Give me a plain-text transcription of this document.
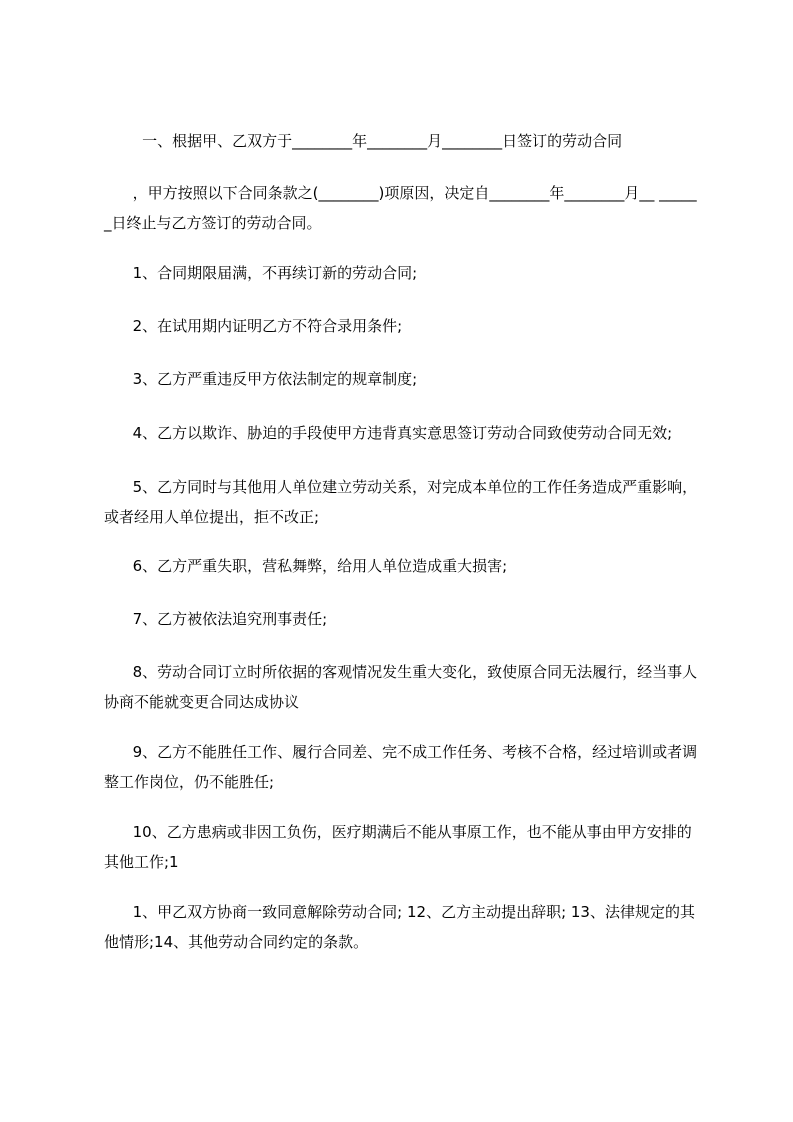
一、根据甲、乙双方于________年________月________日签订的劳动合同

，甲方按照以下合同条款之(________)项原因，决定自________年________月__ ______日终止与乙方签订的劳动合同。

1、合同期限届满，不再续订新的劳动合同;

2、在试用期内证明乙方不符合录用条件;

3、乙方严重违反甲方依法制定的规章制度;

4、乙方以欺诈、胁迫的手段使甲方违背真实意思签订劳动合同致使劳动合同无效;

5、乙方同时与其他用人单位建立劳动关系，对完成本单位的工作任务造成严重影响，或者经用人单位提出，拒不改正;

6、乙方严重失职，营私舞弊，给用人单位造成重大损害;

7、乙方被依法追究刑事责任;

8、劳动合同订立时所依据的客观情况发生重大变化，致使原合同无法履行，经当事人协商不能就变更合同达成协议

9、乙方不能胜任工作、履行合同差、完不成工作任务、考核不合格，经过培训或者调整工作岗位，仍不能胜任;

10、乙方患病或非因工负伤，医疗期满后不能从事原工作，也不能从事由甲方安排的其他工作;1

1、甲乙双方协商一致同意解除劳动合同; 12、乙方主动提出辞职; 13、法律规定的其他情形;14、其他劳动合同约定的条款。
